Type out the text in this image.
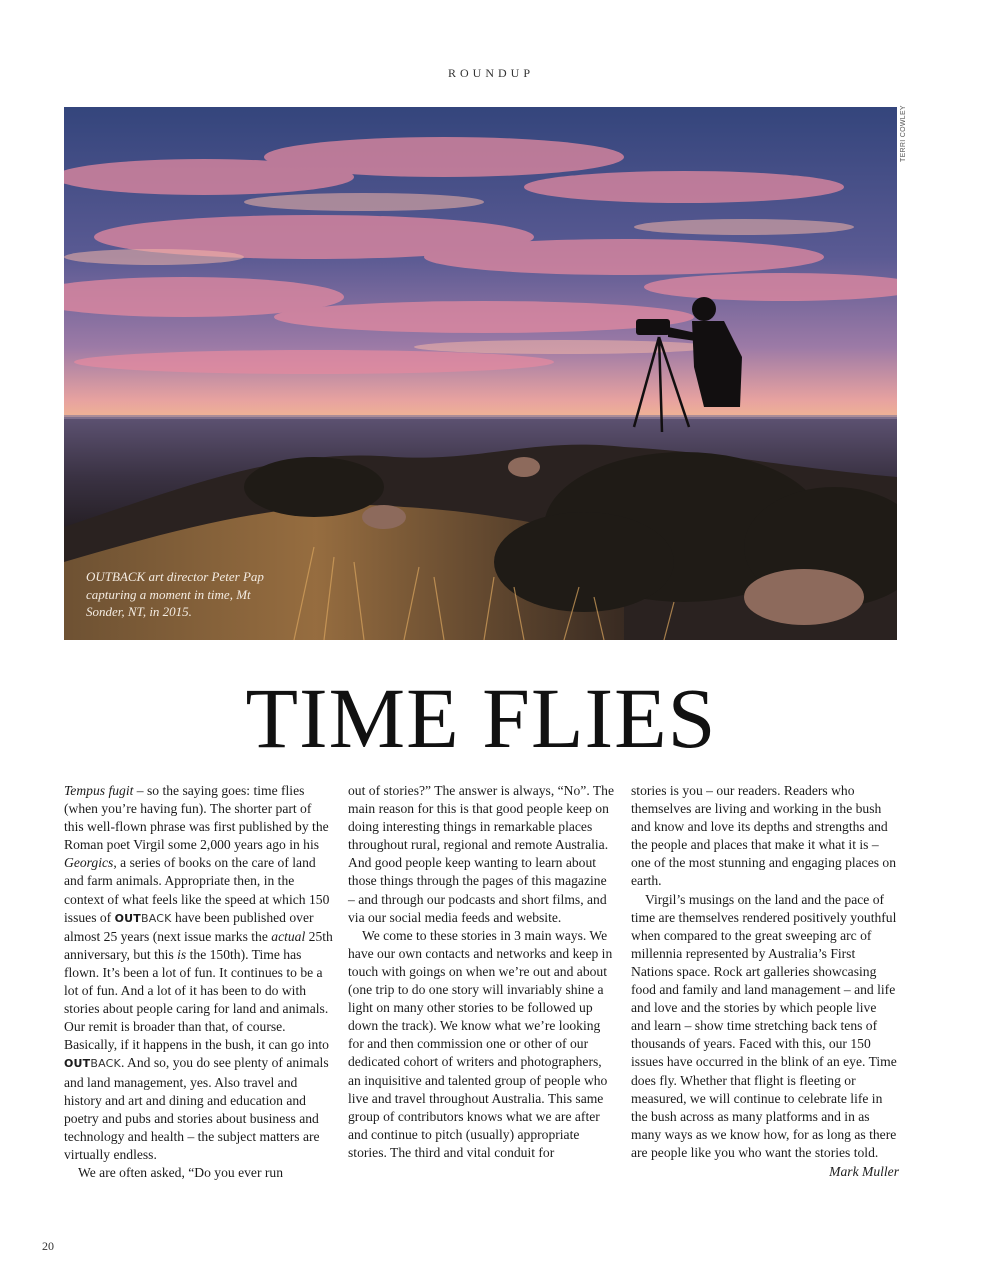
ROUNDUP
TERRI COWLEY
OUTBACK art director Peter Pap capturing a moment in time, Mt Sonder, NT, in 2015.
TIME FLIES

Tempus fugit – so the saying goes: time flies (when you’re having fun). The shorter part of this well-flown phrase was first published by the Roman poet Virgil some 2,000 years ago in his Georgics, a series of books on the care of land and farm animals. Appropriate then, in the context of what feels like the speed at which 150 issues of OUTBACK have been published over almost 25 years (next issue marks the actual 25th anniversary, but this is the 150th). Time has flown. It’s been a lot of fun. It continues to be a lot of fun. And a lot of it has been to do with stories about people caring for land and animals. Our remit is broader than that, of course. Basically, if it happens in the bush, it can go into OUTBACK. And so, you do see plenty of animals and land management, yes. Also travel and history and art and dining and education and poetry and pubs and stories about business and technology and health – the subject matters are virtually endless.

We are often asked, “Do you ever run

out of stories?” The answer is always, “No”. The main reason for this is that good people keep on doing interesting things in remarkable places throughout rural, regional and remote Australia. And good people keep wanting to learn about those things through the pages of this magazine – and through our podcasts and short films, and via our social media feeds and website.

We come to these stories in 3 main ways. We have our own contacts and networks and keep in touch with goings on when we’re out and about (one trip to do one story will invariably shine a light on many other stories to be followed up down the track). We know what we’re looking for and then commission one or other of our dedicated cohort of writers and photographers, an inquisitive and talented group of people who live and travel throughout Australia. This same group of contributors knows what we are after and continue to pitch (usually) appropriate stories. The third and vital conduit for

stories is you – our readers. Readers who themselves are living and working in the bush and know and love its depths and strengths and the people and places that make it what it is – one of the most stunning and engaging places on earth.

Virgil’s musings on the land and the pace of time are themselves rendered positively youthful when compared to the great sweeping arc of millennia represented by Australia’s First Nations space. Rock art galleries showcasing food and family and land management – and life and love and the stories by which people live and learn – show time stretching back tens of thousands of years. Faced with this, our 150 issues have occurred in the blink of an eye. Time does fly. Whether that flight is fleeting or measured, we will continue to celebrate life in the bush across as many platforms and in as many ways as we know how, for as long as there are people like you who want the stories told.

Mark Muller

20
